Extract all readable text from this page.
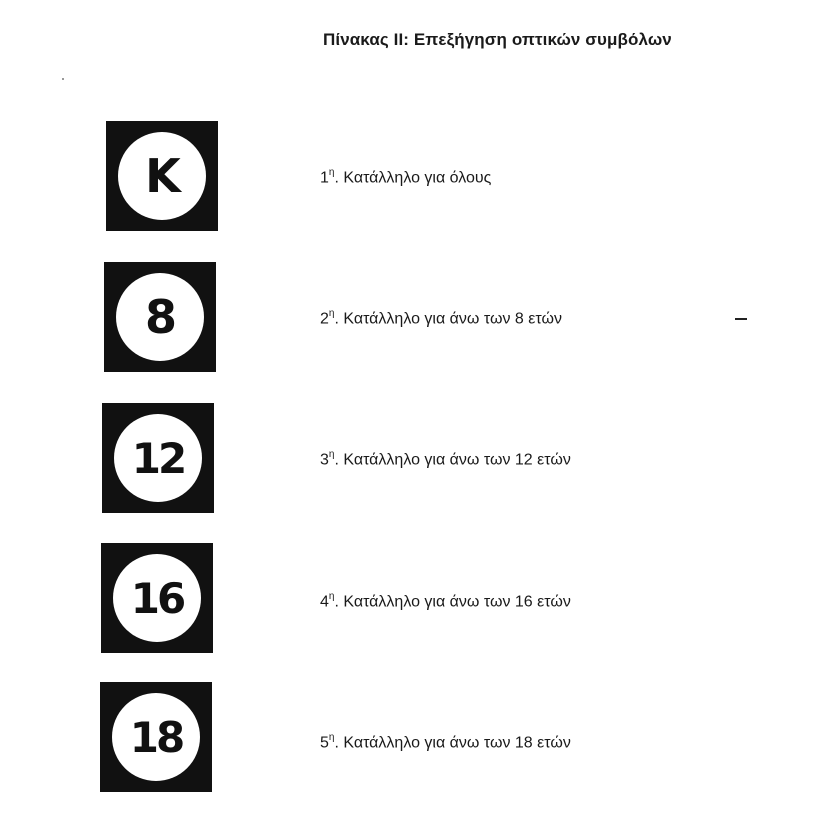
Πίνακας ΙΙ: Επεξήγηση οπτικών συμβόλων
K	$1^\eta$. Κατάλληλο για όλους
8	$2^\eta$. Κατάλληλο για άνω των 8 ετών
12	$3^\eta$. Κατάλληλο για άνω των 12 ετών
16	$4^\eta$. Κατάλληλο για άνω των 16 ετών
18	$5^\eta$. Κατάλληλο για άνω των 18 ετών
